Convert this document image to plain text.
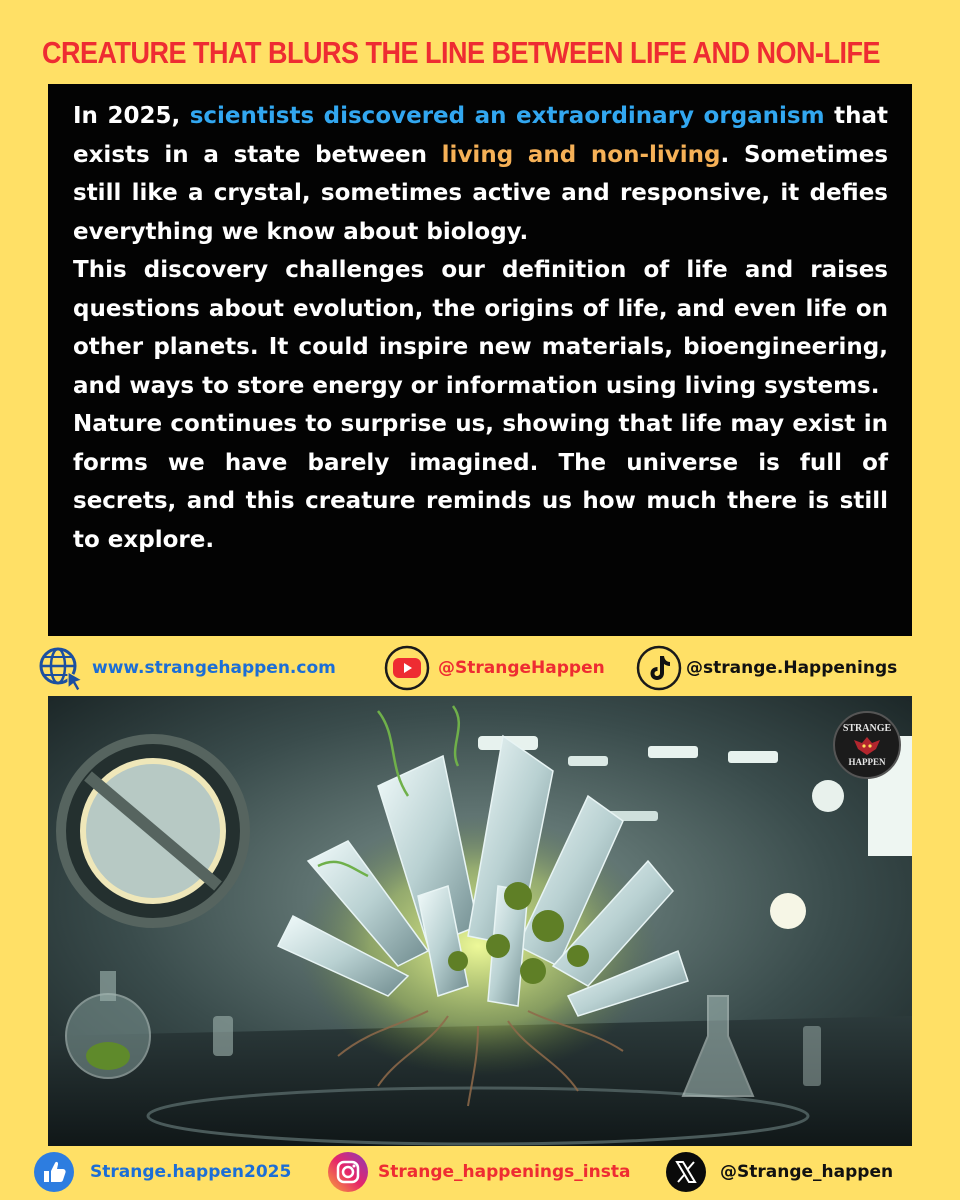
CREATURE THAT BLURS THE LINE BETWEEN LIFE AND NON-LIFE

In 2025, scientists discovered an extraordinary organism that exists in a state between living and non-living. Sometimes still like a crystal, sometimes active and responsive, it defies everything we know about biology.

This discovery challenges our definition of life and raises questions about evolution, the origins of life, and even life on other planets. It could inspire new materials, bioengineering, and ways to store energy or information using living systems.

Nature continues to surprise us, showing that life may exist in forms we have barely imagined. The universe is full of secrets, and this creature reminds us how much there is still to explore.

www.strangehappen.com	@StrangeHappen	@strange.Happenings
STRANGE
HAPPEN
Strange.happen2025	Strange_happenings_insta	@Strange_happen
